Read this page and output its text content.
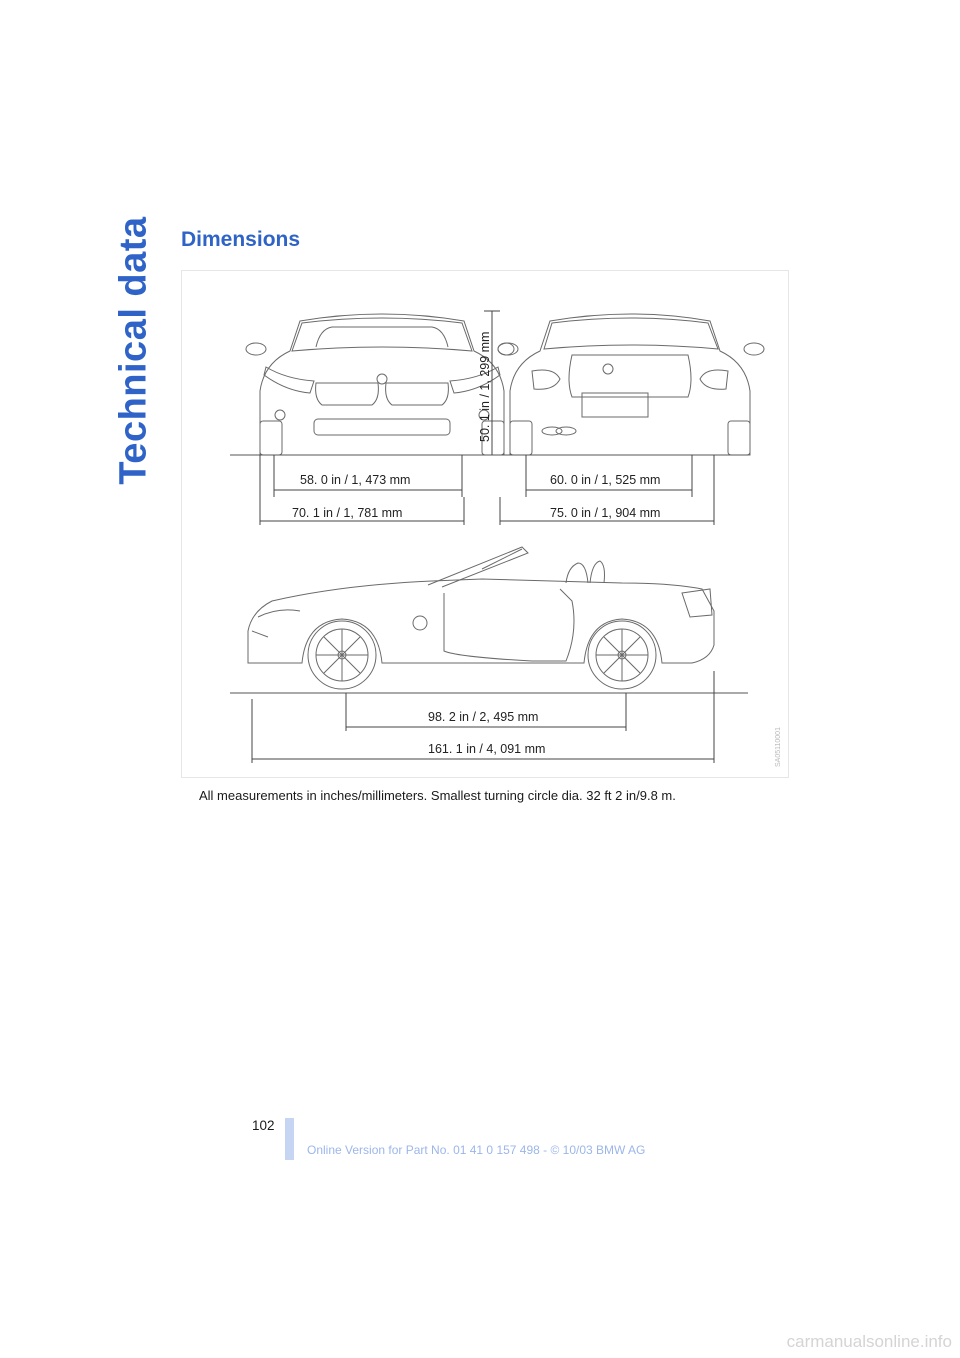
Technical data Dimensions
50. 1 in / 1, 299 mm
58. 0 in / 1, 473 mm
70. 1 in / 1, 781 mm
60. 0 in / 1, 525 mm
75. 0 in / 1, 904 mm
98. 2 in / 2, 495 mm
161. 1 in / 4, 091 mm	SA05110001

All measurements in inches/millimeters. Smallest turning circle dia. 32 ft 2 in/9.8 m.

102
Online Version for Part No. 01 41 0 157 498 - © 10/03 BMW AG
carmanualsonline.info
